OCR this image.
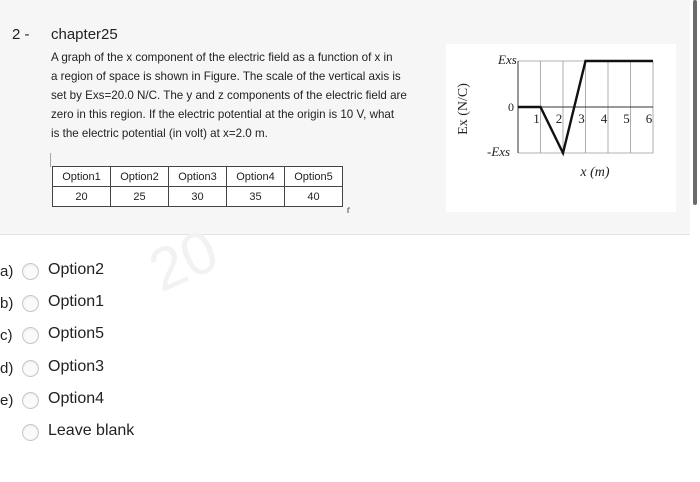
2 - chapter25
A graph of the x component of the electric field as a function of x in
a region of space is shown in Figure. The scale of the vertical axis is
set by Exs=20.0 N/C. The y and z components of the electric field are
zero in this region. If the electric potential at the origin is 10 V, what
is the electric potential (in volt) at x=2.0 m.
Option1	Option2	Option3	Option4	Option5
20	25	30	35	40
1 2 3 4 5 6
Exs
0
-Exs
Ex (N/C)
x (m)
20
a) Option2
b) Option1
c) Option5
d) Option3
e) Option4
Leave blank
